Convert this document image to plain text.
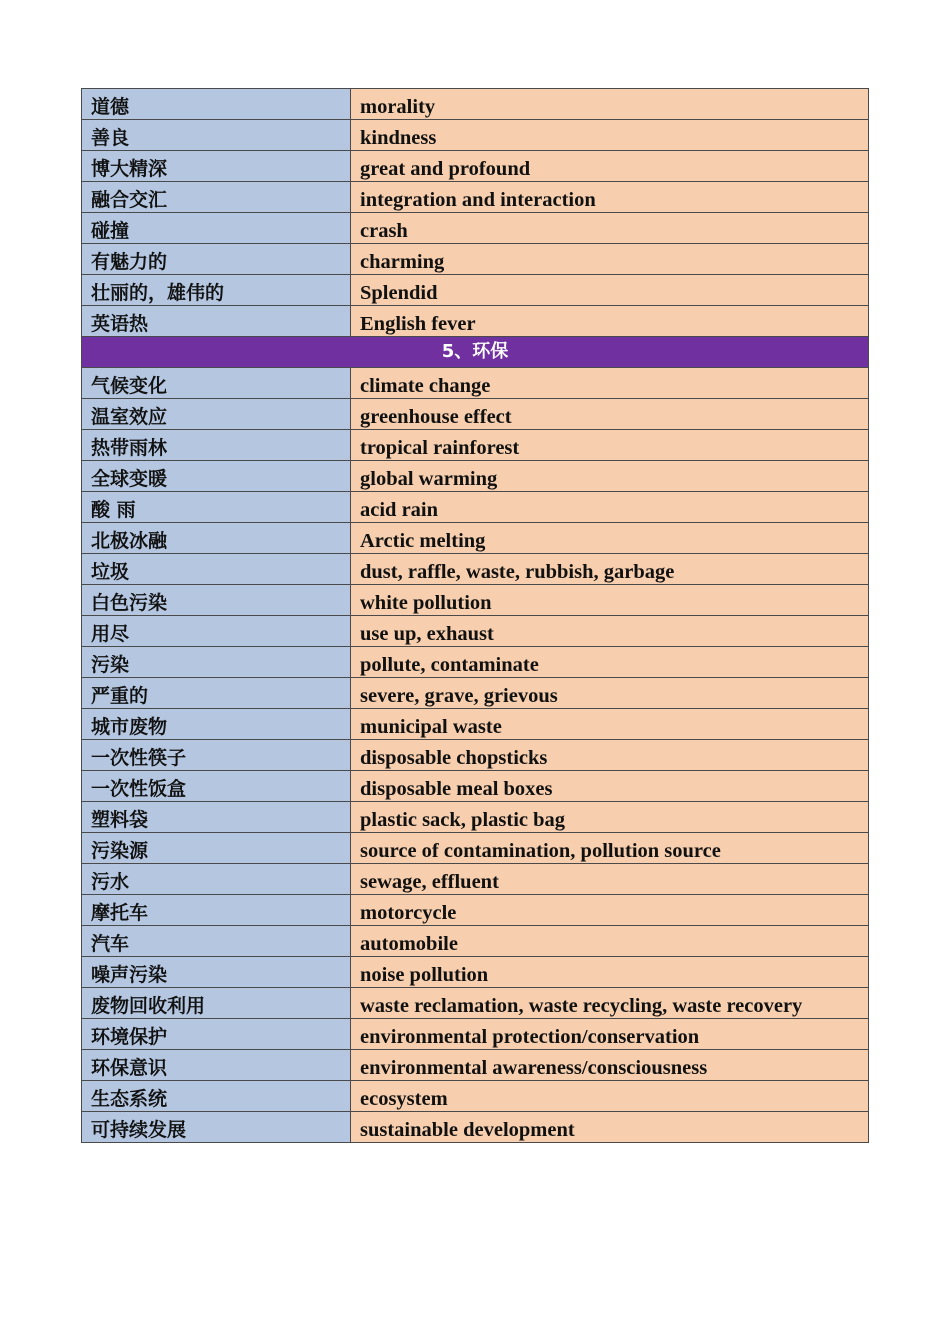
道德	morality
善良	kindness
博大精深	great and profound
融合交汇	integration and interaction
碰撞	crash
有魅力的	charming
壮丽的，雄伟的	Splendid
英语热	English fever
5、环保	
气候变化	climate change
温室效应	greenhouse effect
热带雨林	tropical rainforest
全球变暖	global warming
酸 雨	acid rain
北极冰融	Arctic melting
垃圾	dust, raffle, waste, rubbish, garbage
白色污染	white pollution
用尽	use up, exhaust
污染	pollute, contaminate
严重的	severe, grave, grievous
城市废物	municipal waste
一次性筷子	disposable chopsticks
一次性饭盒	disposable meal boxes
塑料袋	plastic sack, plastic bag
污染源	source of contamination, pollution source
污水	sewage, effluent
摩托车	motorcycle
汽车	automobile
噪声污染	noise pollution
废物回收利用	waste reclamation, waste recycling, waste recovery
环境保护	environmental protection/conservation
环保意识	environmental awareness/consciousness
生态系统	ecosystem
可持续发展	sustainable development
